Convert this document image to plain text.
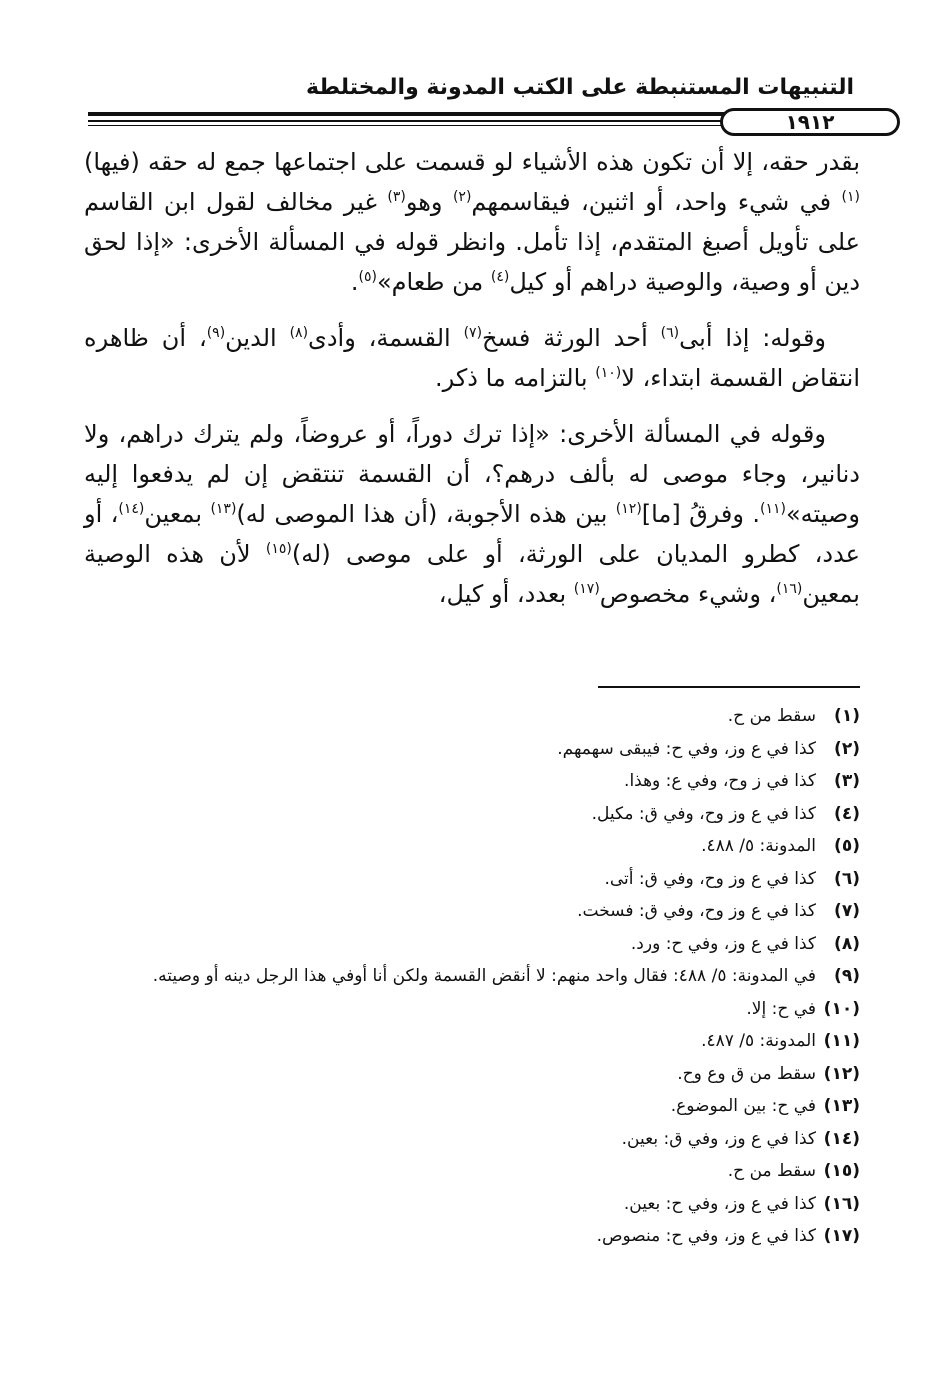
التنبيهات المستنبطة على الكتب المدونة والمختلطة
١٩١٢

بقدر حقه، إلا أن تكون هذه الأشياء لو قسمت على اجتماعها جمع له حقه (فيها)$^{(١)}$ في شيء واحد، أو اثنين، فيقاسمهم$^{(٢)}$ وهو$^{(٣)}$ غير مخالف لقول ابن القاسم على تأويل أصبغ المتقدم، إذا تأمل. وانظر قوله في المسألة الأخرى: «إذا لحق دين أو وصية، والوصية دراهم أو كيل$^{(٤)}$ من طعام»$^{(٥)}$.

وقوله: إذا أبى$^{(٦)}$ أحد الورثة فسخ$^{(٧)}$ القسمة، وأدى$^{(٨)}$ الدين$^{(٩)}$، أن ظاهره انتقاض القسمة ابتداء، لا$^{(١٠)}$ بالتزامه ما ذكر.

وقوله في المسألة الأخرى: «إذا ترك دوراً، أو عروضاً، ولم يترك دراهم، ولا دنانير، وجاء موصى له بألف درهم؟، أن القسمة تنتقض إن لم يدفعوا إليه وصيته»$^{(١١)}$. وفرقُ [ما]$^{(١٢)}$ بين هذه الأجوبة، (أن هذا الموصى له)$^{(١٣)}$ بمعين$^{(١٤)}$، أو عدد، كطرو المديان على الورثة، أو على موصى (له)$^{(١٥)}$ لأن هذه الوصية بمعين$^{(١٦)}$، وشيء مخصوص$^{(١٧)}$ بعدد، أو كيل،

(١)
سقط من ح.
(٢)
كذا في ع وز، وفي ح: فيبقى سهمهم.
(٣)
كذا في ز وح، وفي ع: وهذا.
(٤)
كذا في ع وز وح، وفي ق: مكيل.
(٥)
المدونة: ٥/ ٤٨٨.
(٦)
كذا في ع وز وح، وفي ق: أتى.
(٧)
كذا في ع وز وح، وفي ق: فسخت.
(٨)
كذا في ع وز، وفي ح: ورد.
(٩)
في المدونة: ٥/ ٤٨٨: فقال واحد منهم: لا أنقض القسمة ولكن أنا أوفي هذا الرجل دينه أو وصيته.
(١٠)
في ح: إلا.
(١١)
المدونة: ٥/ ٤٨٧.
(١٢)
سقط من ق وع وح.
(١٣)
في ح: بين الموضوع.
(١٤)
كذا في ع وز، وفي ق: بعين.
(١٥)
سقط من ح.
(١٦)
كذا في ع وز، وفي ح: بعين.
(١٧)
كذا في ع وز، وفي ح: منصوص.
